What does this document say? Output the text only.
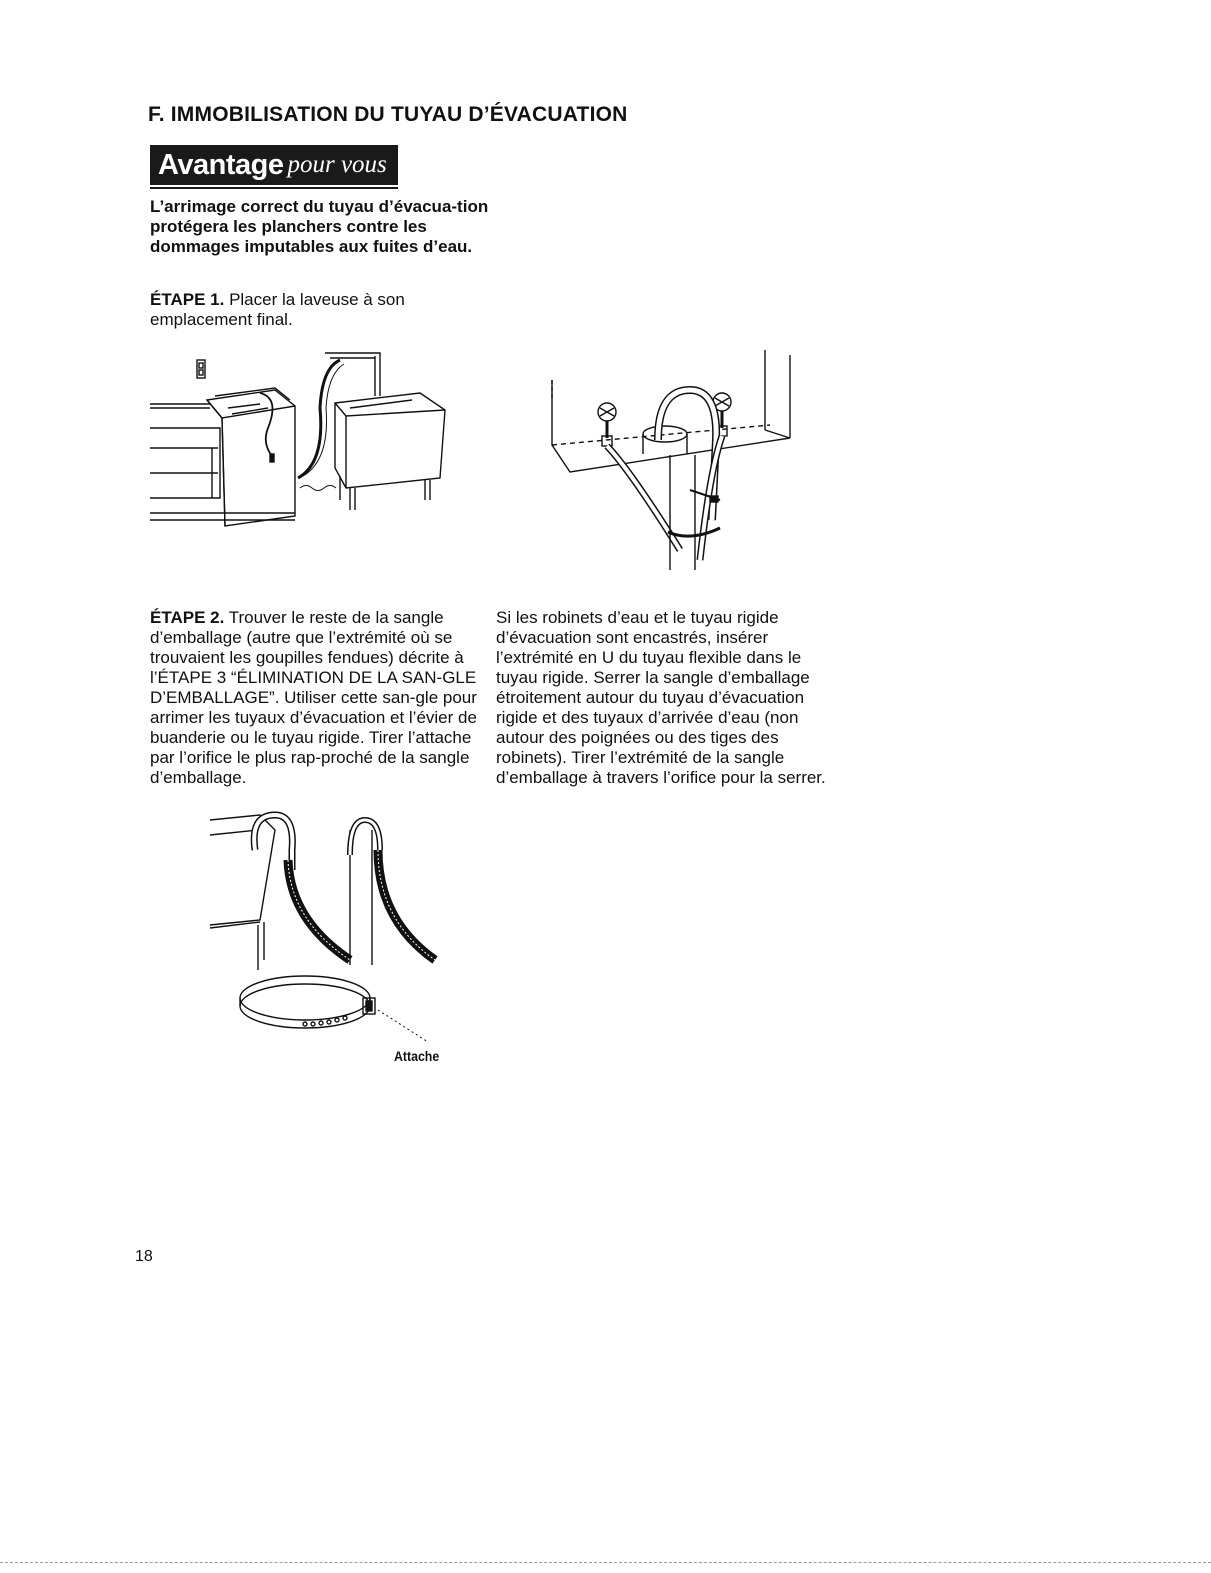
F. IMMOBILISATION DU TUYAU D’ÉVACUATION
Avantage pour vous
L’arrimage correct du tuyau d’évacua-tion protégera les planchers contre les dommages imputables aux fuites d’eau.
ÉTAPE 1. Placer la laveuse à son emplacement final.
ÉTAPE 2. Trouver le reste de la sangle d’emballage (autre que l’extrémité où se trouvaient les goupilles fendues) décrite à l’ÉTAPE 3 “ÉLIMINATION DE LA SAN-GLE D’EMBALLAGE”. Utiliser cette san-gle pour arrimer les tuyaux d’évacuation et l’évier de buanderie ou le tuyau rigide. Tirer l’attache par l’orifice le plus rap-proché de la sangle d’emballage.
Si les robinets d’eau et le tuyau rigide d’évacuation sont encastrés, insérer l’extrémité en U du tuyau flexible dans le tuyau rigide. Serrer la sangle d’emballage étroitement autour du tuyau d’évacuation rigide et des tuyaux d’arrivée d’eau (non autour des poignées ou des tiges des robinets). Tirer l’extrémité de la sangle d’emballage à travers l’orifice pour la serrer.
Attache
18
